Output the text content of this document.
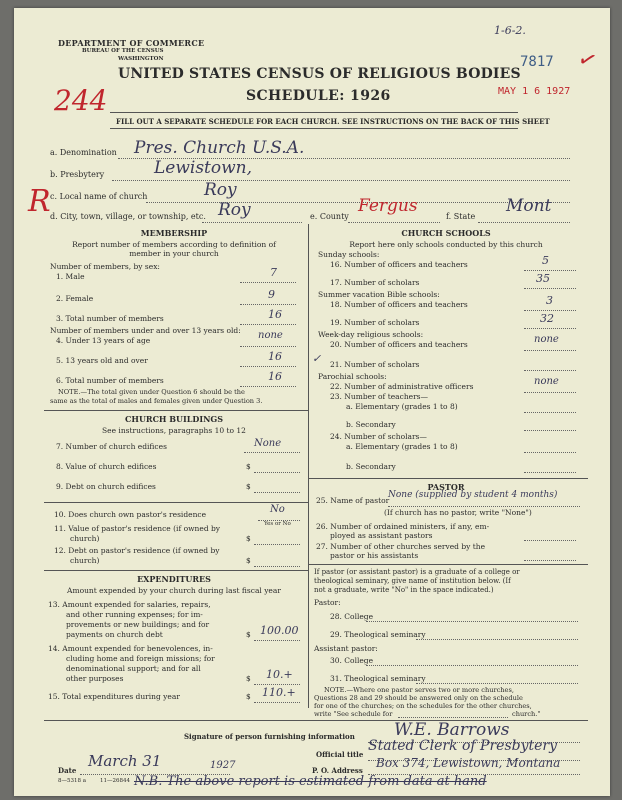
1-6-2.
DEPARTMENT OF COMMERCE
BUREAU OF THE CENSUS
WASHINGTON	7817 ✓
UNITED STATES CENSUS OF RELIGIOUS BODIES
MAY 1 6 1927
244	SCHEDULE: 1926
FILL OUT A SEPARATE SCHEDULE FOR EACH CHURCH. SEE INSTRUCTIONS ON THE BACK OF THIS SHEET
R
a. Denomination Pres. Church U.S.A.
b. Presbytery	Lewistown,
c. Local name of church	Roy
d. City, town, village, or township, etc. Roy	e. County
Fergus
f. State
Mont
MEMBERSHIP
Report number of members according to definition of
member in your church
Number of members, by sex:
1. Male	7
2. Female	9
3. Total number of members	16
Number of members under and over 13 years old:
4. Under 13 years of age	none
5. 13 years old and over	16
6. Total number of members	16
NOTE.—The total given under Question 6 should be the
same as the total of males and females given under Question 3.
CHURCH BUILDINGS
See instructions, paragraphs 10 to 12
7. Number of church edifices	None
8. Value of church edifices	$
9. Debt on church edifices	$
10. Does church own pastor's residence	No
Yes or No
11. Value of pastor's residence (if owned by
church)	$
12. Debt on pastor's residence (if owned by
church)	$
EXPENDITURES
Amount expended by your church during last fiscal year
13. Amount expended for salaries, repairs,
and other running expenses; for im-
provements or new buildings; and for
payments on church debt	$ 100.00
14. Amount expended for benevolences, in-
cluding home and foreign missions; for
denominational support; and for all
other purposes	$ 10.+
15. Total expenditures during year	$ 110.+
CHURCH SCHOOLS
Report here only schools conducted by this church
Sunday schools:
16. Number of officers and teachers	5
17. Number of scholars	35
Summer vacation Bible schools:
18. Number of officers and teachers	3
19. Number of scholars	32
Week-day religious schools:
20. Number of officers and teachers	none
✓ 21. Number of scholars
Parochial schools:
22. Number of administrative officers	none
23. Number of teachers—
a. Elementary (grades 1 to 8)
b. Secondary
24. Number of scholars—
a. Elementary (grades 1 to 8)
b. Secondary
PASTOR
25. Name of pastor
None (supplied by student 4 months)
(If church has no pastor, write "None")
26. Number of ordained ministers, if any, em-
ployed as assistant pastors
27. Number of other churches served by the
pastor or his assistants
If pastor (or assistant pastor) is a graduate of a college or
theological seminary, give name of institution below. (If
not a graduate, write "No" in the space indicated.)
Pastor:
28. College
29. Theological seminary
Assistant pastor:
30. College
31. Theological seminary
NOTE.—Where one pastor serves two or more churches,
Questions 28 and 29 should be answered only on the schedule
for one of the churches; on the schedules for the other churches,
write "See schedule for	church."
Signature of person furnishing information W.E. Barrows
Official title
Stated Clerk of Presbytery
Date
March 31	1927	P. O. Address
Box 374, Lewistown, Montana
8—5318 a	11—26844 N.B. The above report is estimated from data at hand
